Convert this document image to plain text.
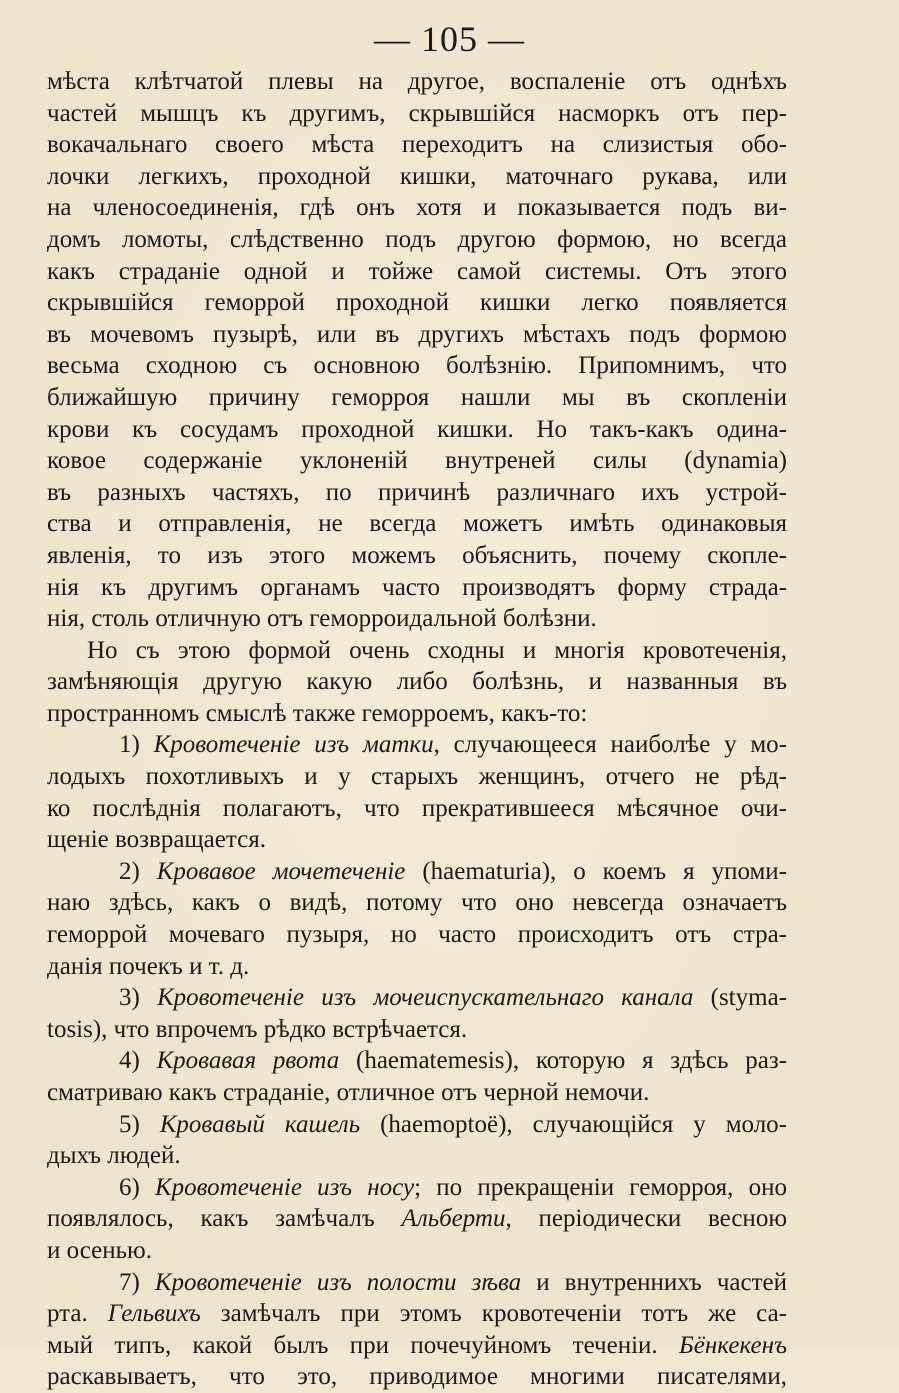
— 105 —
мѣста клѣтчатой плевы на другое, воспаленіе отъ однѣхъ
частей мышцъ къ другимъ, скрывшійся насморкъ отъ пер-
вокачальнаго своего мѣста переходитъ на слизистыя обо-
лочки легкихъ, проходной кишки, маточнаго рукава, или
на членосоединенія, гдѣ онъ хотя и показывается подъ ви-
домъ ломоты, слѣдственно подъ другою формою, но всегда
какъ страданіе одной и тойже самой системы. Отъ этого
скрывшійся геморрой проходной кишки легко появляется
въ мочевомъ пузырѣ, или въ другихъ мѣстахъ подъ формою
весьма сходною съ основною болѣзнію. Припомнимъ, что
ближайшую причину геморроя нашли мы въ скопленіи
крови къ сосудамъ проходной кишки. Но такъ-какъ одина-
ковое содержаніе уклоненій внутреней силы (dynamia)
въ разныхъ частяхъ, по причинѣ различнаго ихъ устрой-
ства и отправленія, не всегда можетъ имѣть одинаковыя
явленія, то изъ этого можемъ объяснить, почему скопле-
нія къ другимъ органамъ часто производятъ форму страда-
нія, столь отличную отъ геморроидальной болѣзни.
Но съ этою формой очень сходны и многія кровотеченія,
замѣняющія другую какую либо болѣзнь, и названныя въ
пространномъ смыслѣ также геморроемъ, какъ-то:
1) Кровотеченіе изъ матки, случающееся наиболѣе у мо-
лодыхъ похотливыхъ и у старыхъ женщинъ, отчего не рѣд-
ко послѣднія полагаютъ, что прекратившееся мѣсячное очи-
щеніе возвращается.
2) Кровавое мочетеченіе (haematuria), о коемъ я упоми-
наю здѣсь, какъ о видѣ, потому что оно невсегда означаетъ
геморрой мочеваго пузыря, но часто происходитъ отъ стра-
данія почекъ и т. д.
3) Кровотеченіе изъ мочеиспускательнаго канала (stymа-
tosis), что впрочемъ рѣдко встрѣчается.
4) Кровавая рвота (haematemesis), которую я здѣсь раз-
сматриваю какъ страданіе, отличное отъ черной немочи.
5) Кровавый кашель (haemoptoë), случающійся у моло-
дыхъ людей.
6) Кровотеченіе изъ носу; по прекращеніи геморроя, оно
появлялось, какъ замѣчалъ Альберти, періодически весною
и осенью.
7) Кровотеченіе изъ полости зѣва и внутреннихъ частей
рта. Гельвихъ замѣчалъ при этомъ кровотеченіи тотъ же са-
мый типъ, какой былъ при почечуйномъ теченіи. Бёнкекенъ
раскавываетъ, что это, приводимое многими писателями,
